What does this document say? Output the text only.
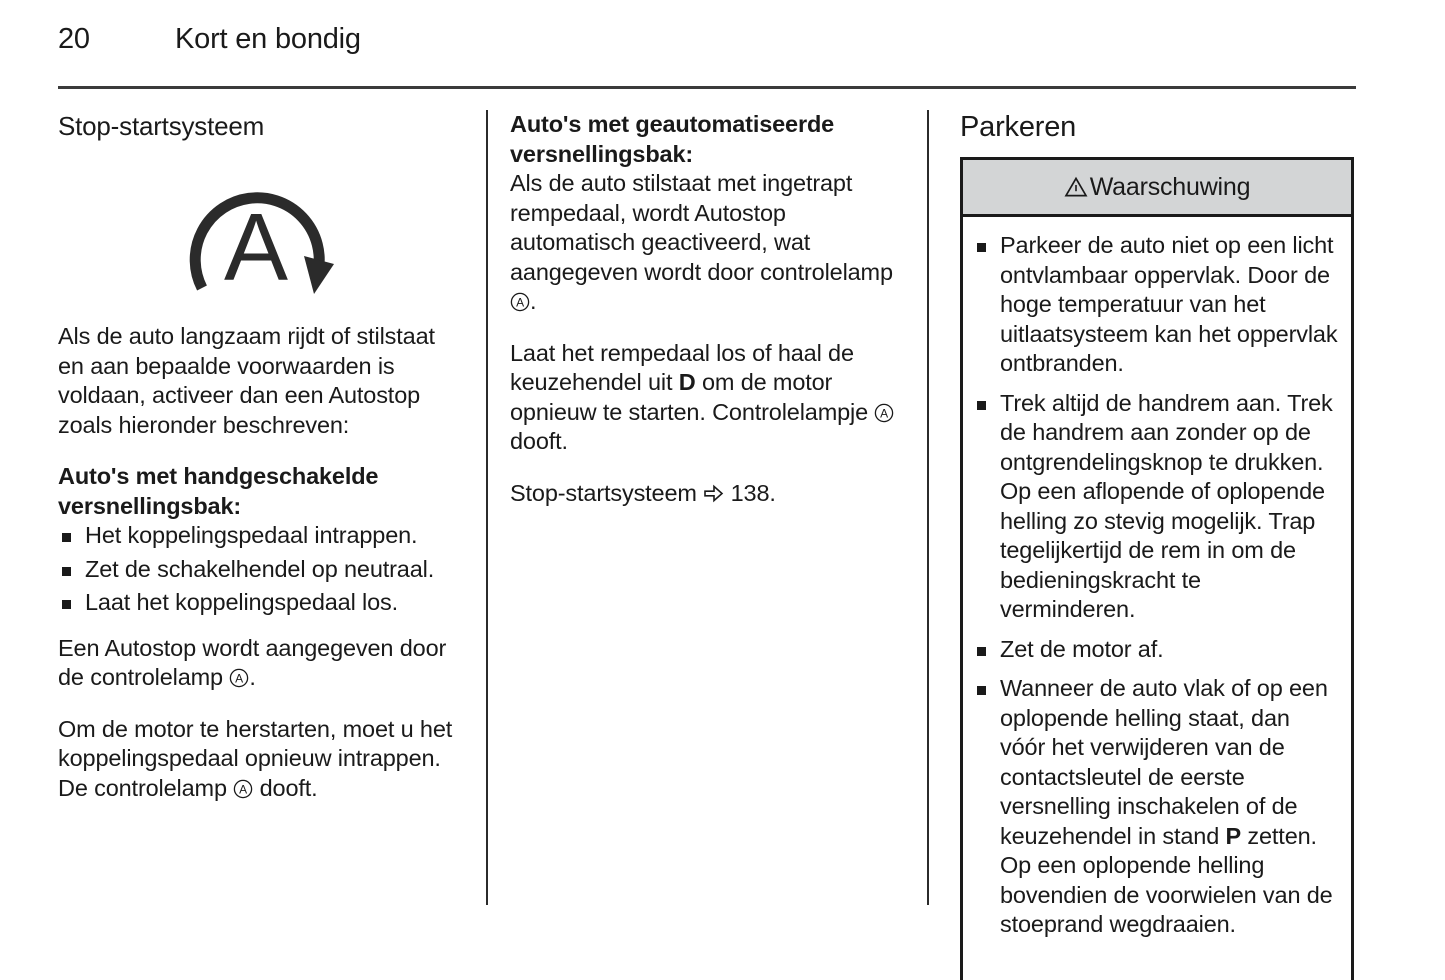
20	Kort en bondig
Stop-startsysteem
A

Als de auto langzaam rijdt of stilstaat en aan bepaalde voorwaarden is voldaan, activeer dan een Autostop zoals hieronder beschreven:

Auto's met handgeschakelde versnellingsbak:

Het koppelingspedaal intrappen.
Zet de schakelhendel op neutraal.
Laat het koppelingspedaal los.

Een Autostop wordt aangegeven door de controlelamp A .

Om de motor te herstarten, moet u het koppelingspedaal opnieuw intrappen. De controlelamp A dooft.

Auto's met geautomatiseerde versnellingsbak:

Als de auto stilstaat met ingetrapt rempedaal, wordt Autostop automatisch geactiveerd, wat aangegeven wordt door controlelamp
A .

Laat het rempedaal los of haal de keuzehendel uit D om de motor opnieuw te starten. Controlelampje A
dooft.

Stop-startsysteem 138.

Parkeren
Waarschuwing
Parkeer de auto niet op een licht ontvlambaar oppervlak. Door de hoge temperatuur van het uitlaatsysteem kan het oppervlak ontbranden.
Trek altijd de handrem aan. Trek de handrem aan zonder op de ontgrendelingsknop te drukken. Op een aflopende of oplopende helling zo stevig mogelijk. Trap tegelijkertijd de rem in om de bedieningskracht te verminderen.
Zet de motor af.
Wanneer de auto vlak of op een oplopende helling staat, dan vóór het verwijderen van de contactsleutel de eerste versnelling inschakelen of de keuzehendel in stand P zetten. Op een oplopende helling bovendien de voorwielen van de stoeprand wegdraaien.
